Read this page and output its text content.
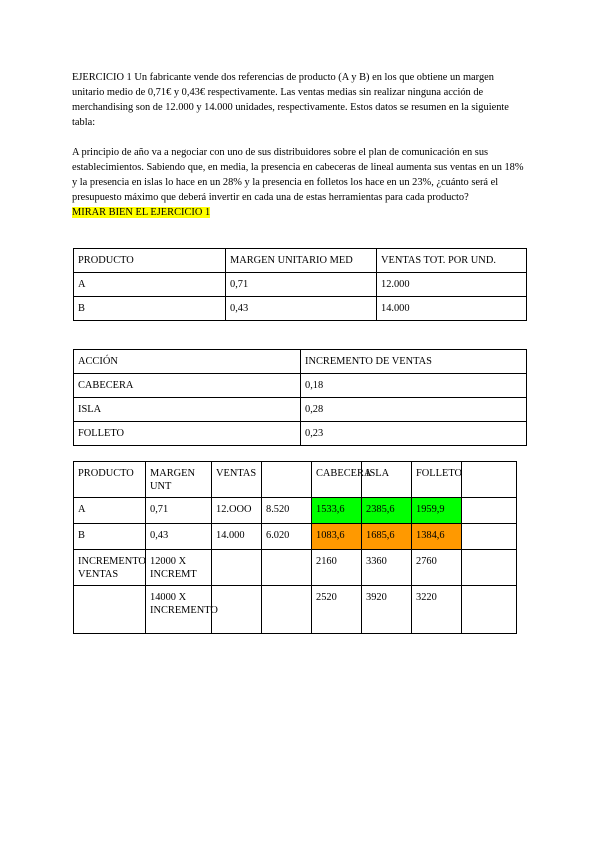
EJERCICIO 1 Un fabricante vende dos referencias de producto (A y B) en los que obtiene un margen unitario medio de 0,71€ y 0,43€ respectivamente. Las ventas medias sin realizar ninguna acción de merchandising son de 12.000 y 14.000 unidades, respectivamente. Estos datos se resumen en la siguiente tabla:

A principio de año va a negociar con uno de sus distribuidores sobre el plan de comunicación en sus establecimientos. Sabiendo que, en media, la presencia en cabeceras de lineal aumenta sus ventas en un 18% y la presencia en islas lo hace en un 28% y la presencia en folletos los hace en un 23%, ¿cuánto será el presupuesto máximo que deberá invertir en cada una de estas herramientas para cada producto?

MIRAR BIEN EL EJERCICIO 1

PRODUCTO	MARGEN UNITARIO MED	VENTAS TOT. POR UND.
A	0,71	12.000
B	0,43	14.000
ACCIÓN	INCREMENTO DE VENTAS
CABECERA	0,18
ISLA	0,28
FOLLETO	0,23
PRODUCTO	MARGEN UNT	VENTAS		CABECERA	ISLA	FOLLETO	
A	0,71	12.OOO	8.520	1533,6	2385,6	1959,9	
B	0,43	14.000	6.020	1083,6	1685,6	1384,6	
INCREMENTO VENTAS	12000 X INCREMT			2160	3360	2760	
	14000 X INCREMENTO			2520	3920	3220	
